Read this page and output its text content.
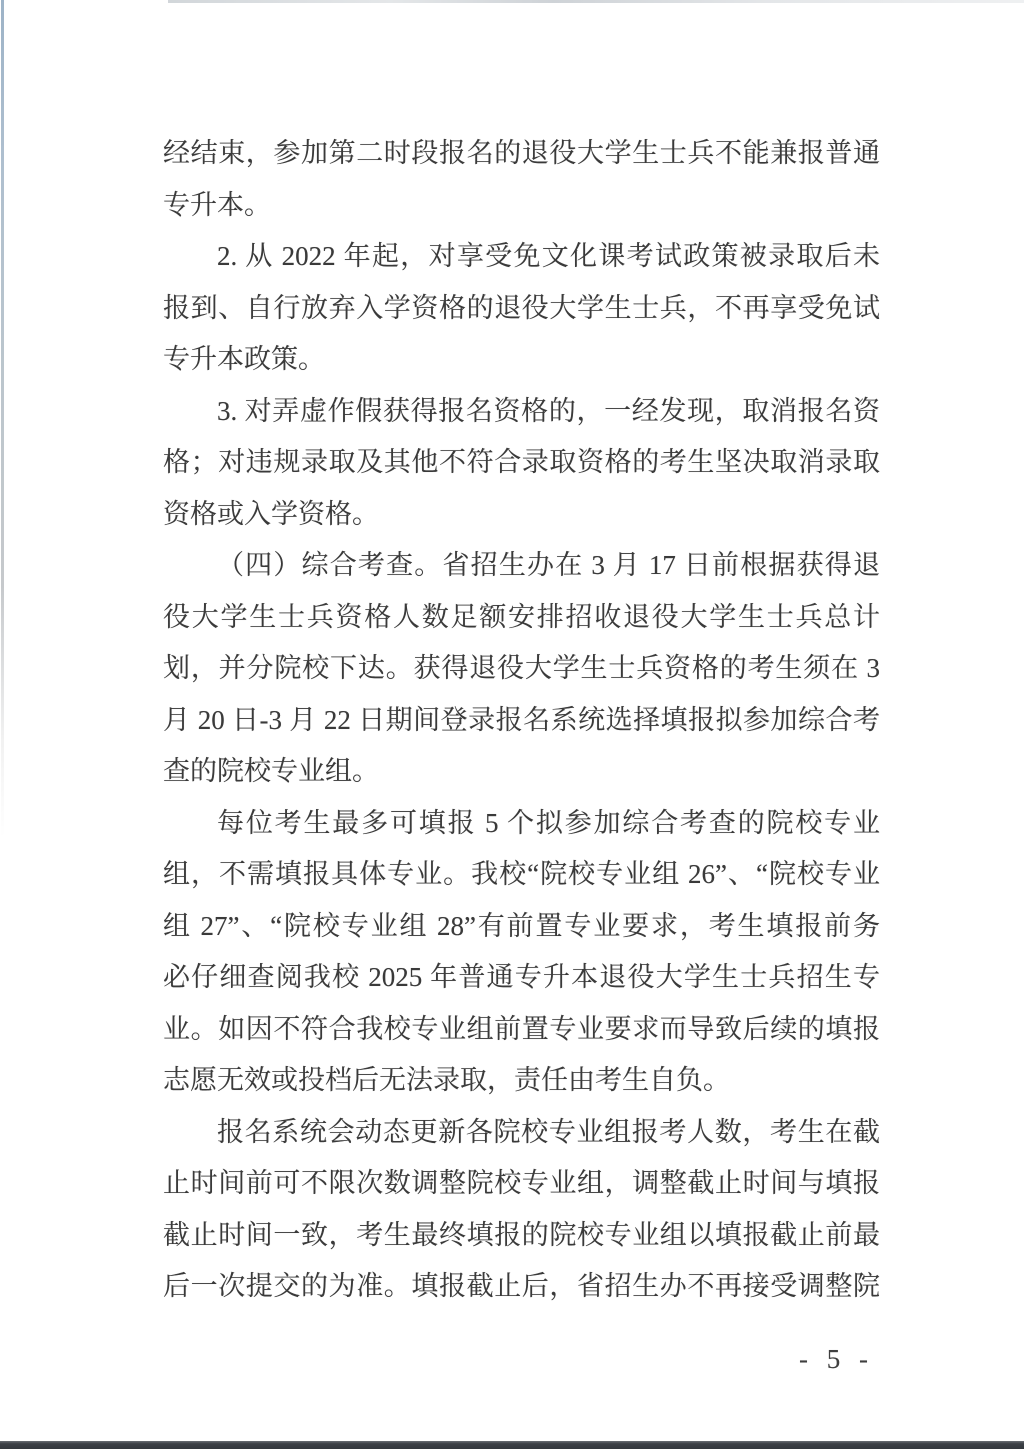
经结束，参加第二时段报名的退役大学生士兵不能兼报普通
专升本。
2. 从 2022 年起，对享受免文化课考试政策被录取后未
报到、自行放弃入学资格的退役大学生士兵，不再享受免试
专升本政策。
3. 对弄虚作假获得报名资格的，一经发现，取消报名资
格；对违规录取及其他不符合录取资格的考生坚决取消录取
资格或入学资格。
（四）综合考查。省招生办在 3 月 17 日前根据获得退
役大学生士兵资格人数足额安排招收退役大学生士兵总计
划，并分院校下达。获得退役大学生士兵资格的考生须在 3
月 20 日-3 月 22 日期间登录报名系统选择填报拟参加综合考
查的院校专业组。
每位考生最多可填报 5 个拟参加综合考查的院校专业
组，不需填报具体专业。我校“院校专业组 26”、“院校专业
组 27”、“院校专业组 28”有前置专业要求，考生填报前务
必仔细查阅我校 2025 年普通专升本退役大学生士兵招生专
业。如因不符合我校专业组前置专业要求而导致后续的填报
志愿无效或投档后无法录取，责任由考生自负。
报名系统会动态更新各院校专业组报考人数，考生在截
止时间前可不限次数调整院校专业组，调整截止时间与填报
截止时间一致，考生最终填报的院校专业组以填报截止前最
后一次提交的为准。填报截止后，省招生办不再接受调整院
- 5 -
